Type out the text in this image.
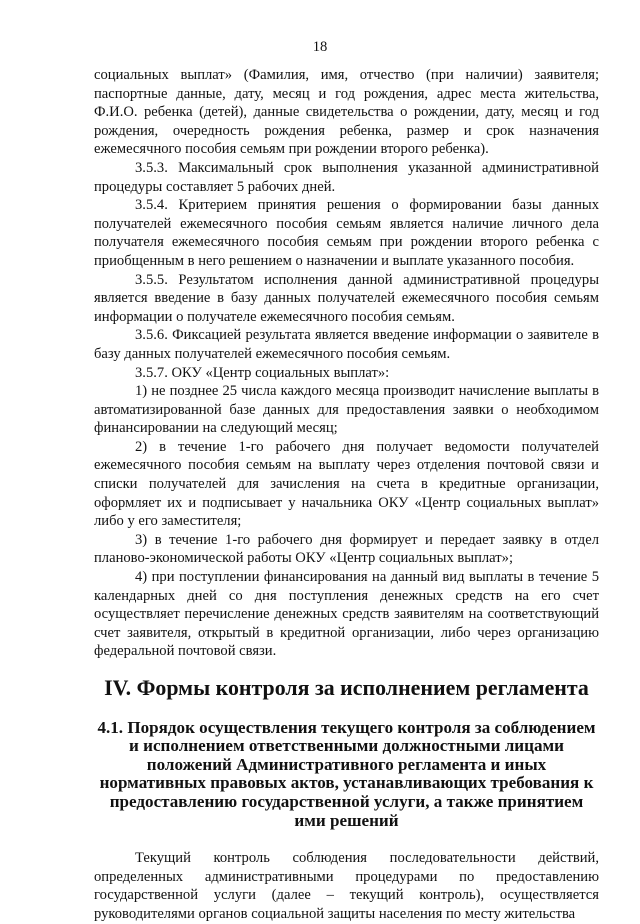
18

социальных выплат» (Фамилия, имя, отчество (при наличии) заявителя; паспортные данные, дату, месяц и год рождения, адрес места жительства, Ф.И.О. ребенка (детей), данные свидетельства о рождении, дату, месяц и год рождения, очередность рождения ребенка, размер и срок назначения ежемесячного пособия семьям при рождении второго ребенка).

3.5.3. Максимальный срок выполнения указанной административной процедуры составляет 5 рабочих дней.

3.5.4. Критерием принятия решения о формировании базы данных получателей ежемесячного пособия семьям является наличие личного дела получателя ежемесячного пособия семьям при рождении второго ребенка с приобщенным в него решением о назначении и выплате указанного пособия.

3.5.5. Результатом исполнения данной административной процедуры является введение в базу данных получателей ежемесячного пособия семьям информации о получателе ежемесячного пособия семьям.

3.5.6. Фиксацией результата является введение информации о заявителе в базу данных получателей ежемесячного пособия семьям.

3.5.7. ОКУ «Центр социальных выплат»:

1) не позднее 25 числа каждого месяца производит начисление выплаты в автоматизированной базе данных для предоставления заявки о необходимом финансировании на следующий месяц;

2) в течение 1-го рабочего дня получает ведомости получателей ежемесячного пособия семьям на выплату через отделения почтовой связи и списки получателей для зачисления на счета в кредитные организации, оформляет их и подписывает у начальника ОКУ «Центр социальных выплат» либо у его заместителя;

3) в течение 1-го рабочего дня формирует и передает заявку в отдел планово-экономической работы ОКУ «Центр социальных выплат»;

4) при поступлении финансирования на данный вид выплаты в течение 5 календарных дней со дня поступления денежных средств на его счет осуществляет перечисление денежных средств заявителям на соответствующий счет заявителя, открытый в кредитной организации, либо через организацию федеральной почтовой связи.

IV. Формы контроля за исполнением регламента
4.1. Порядок осуществления текущего контроля за соблюдением и исполнением ответственными должностными лицами положений Административного регламента и иных нормативных правовых актов, устанавливающих требования к предоставлению государственной услуги, а также принятием ими решений

Текущий контроль соблюдения последовательности действий, определенных административными процедурами по предоставлению государственной услуги (далее – текущий контроль), осуществляется руководителями органов социальной защиты населения по месту жительства
